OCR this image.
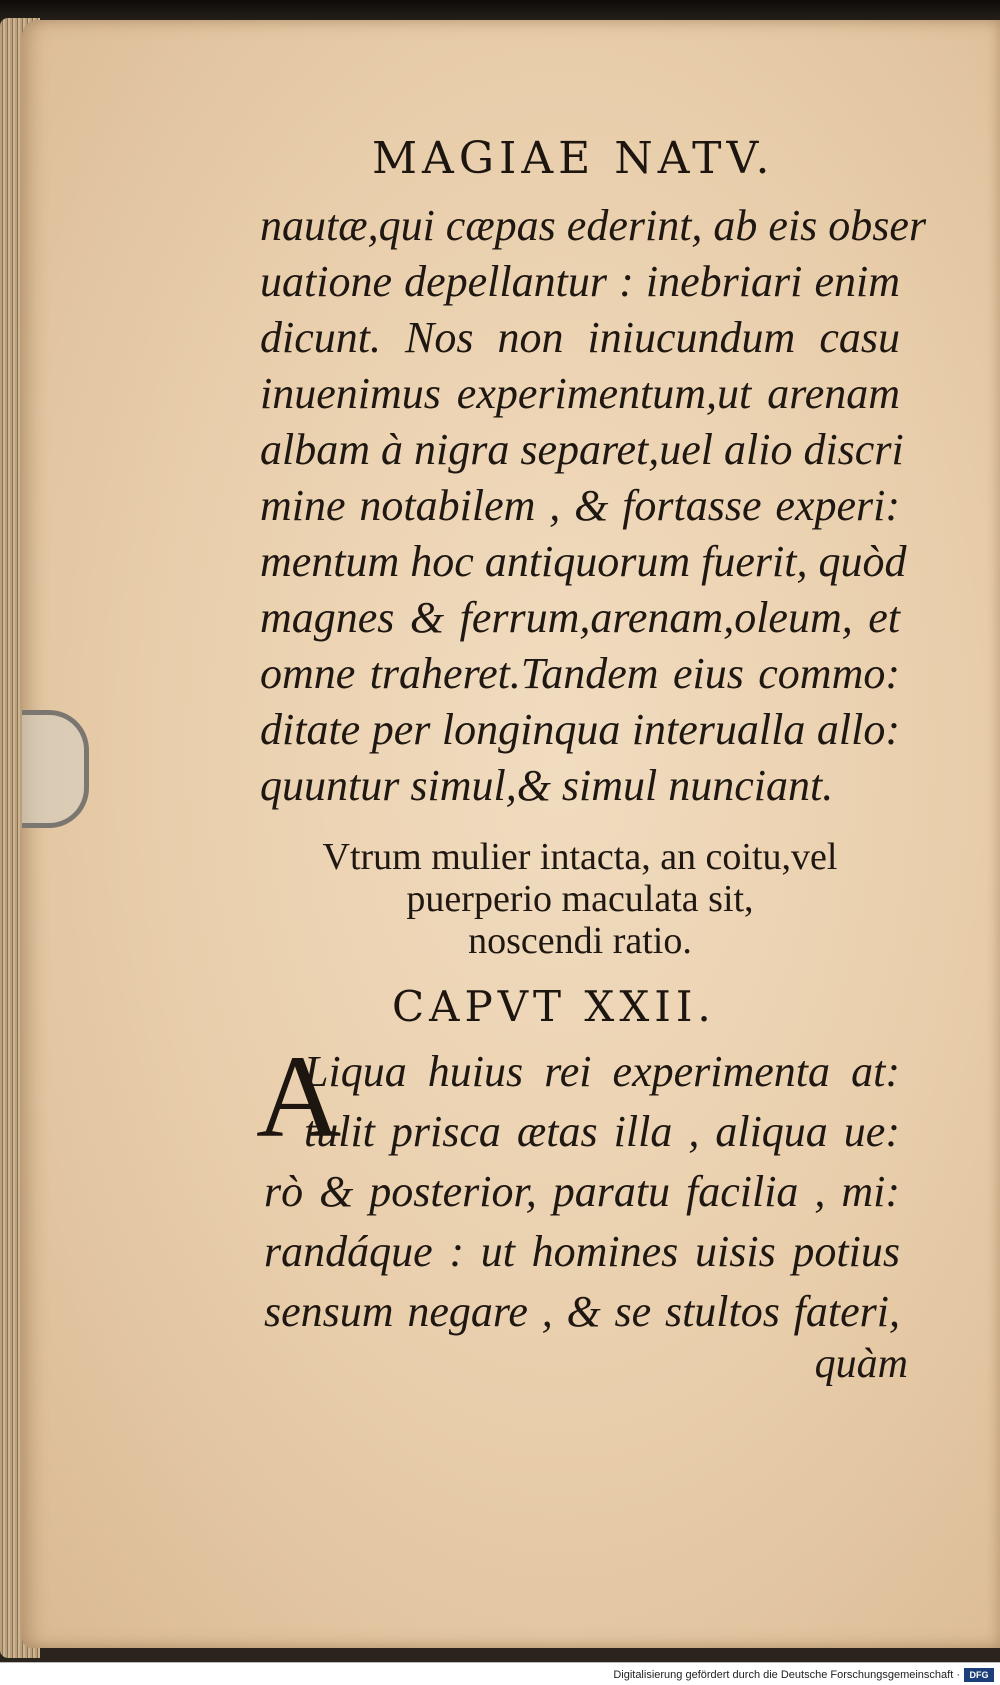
MAGIAE NATV.
nautæ,qui cæpas ederint, ab eis obser
uatione depellantur : inebriari enim
dicunt. Nos non iniucundum casu
inuenimus experimentum,ut arenam
albam à nigra separet,uel alio discri
mine notabilem , & fortasse experi:
mentum hoc antiquorum fuerit, quòd
magnes & ferrum,arenam,oleum, et
omne traheret.Tandem eius commo:
ditate per longinqua interualla allo:
quuntur simul,& simul nunciant.
Vtrum mulier intacta, an coitu,vel
puerperio maculata sit,
noscendi ratio.
CAPVT XXII.
A
Liqua huius rei experimenta at:
tulit prisca ætas illa , aliqua ue:
rò & posterior, paratu facilia , mi:
randáque : ut homines uisis potius
sensum negare , & se stultos fateri,
quàm
Digitalisierung gefördert durch die Deutsche Forschungsgemeinschaft ·	DFG
